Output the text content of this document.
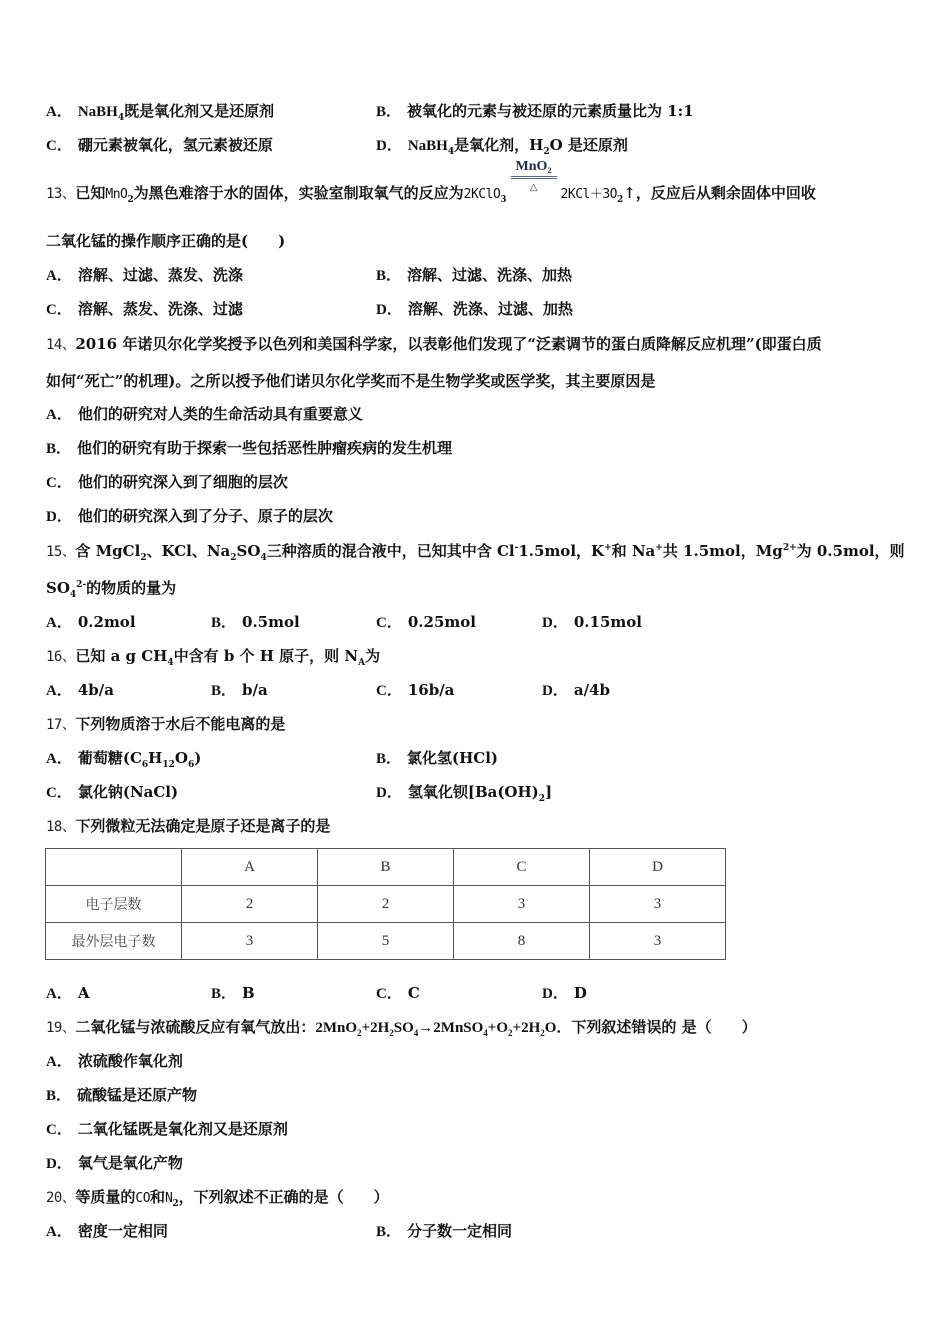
A． NaBH$_4$既是氧化剂又是还原剂	B． 被氧化的元素与被还原的元素质量比为 1:1
C． 硼元素被氧化，氢元素被还原	D． NaBH$_4$是氧化剂，$H_2O$ 是还原剂
13、已知MnO$_2$为黑色难溶于水的固体，实验室制取氧气的反应为2KClO$_3$
MnO₂
△	$2KCl+3O_2↑$，反应后从剩余固体中回收
二氧化锰的操作顺序正确的是(　　)
A． 溶解、过滤、蒸发、洗涤	B． 溶解、过滤、洗涤、加热
C． 溶解、蒸发、洗涤、过滤	D． 溶解、洗涤、过滤、加热
14、2016 年诺贝尔化学奖授予以色列和美国科学家，以表彰他们发现了“泛素调节的蛋白质降解反应机理”(即蛋白质
如何“死亡”的机理)。之所以授予他们诺贝尔化学奖而不是生物学奖或医学奖，其主要原因是
A． 他们的研究对人类的生命活动具有重要意义
B． 他们的研究有助于探索一些包括恶性肿瘤疾病的发生机理
C． 他们的研究深入到了细胞的层次
D． 他们的研究深入到了分子、原子的层次
15、含 MgCl$_2$、KCl、$Na_2SO_4$三种溶质的混合液中，已知其中含 Cl-1.5mol，K+和 Na+共 1.5mol，$Mg^{2+}$为 0.5mol，则
$SO_4^{2-}$的物质的量为
A． 0.2mol	B． 0.5mol	C． 0.25mol	D． 0.15mol
16、已知 a g $CH_4$中含有 b 个 H 原子，则 $N_A$为
A． 4b/a	B． b/a	C． 16b/a	D． a/4b
17、下列物质溶于水后不能电离的是
A． 葡萄糖$(C_6H_{12}O_6)$	B． 氯化氢(HCl)
C． 氯化钠(NaCl)	D． 氢氧化钡$[Ba(OH)_2]$
18、下列微粒无法确定是原子还是离子的是
	A	B	C	D
电子层数	2	2	3	3
最外层电子数	3	5	8	3
A． A	B． B	C． C	D． D
19、二氧化锰与浓硫酸反应有氧气放出：$2MnO_2+2H_2SO_4\to 2MnSO_4+O_2+2H_2O$．下列叙述错误的 是（　　）
A． 浓硫酸作氧化剂
B． 硫酸锰是还原产物
C． 二氧化锰既是氧化剂又是还原剂
D． 氧气是氧化产物
20、等质量的CO和$N_2$，下列叙述不正确的是（　　）
A． 密度一定相同	B． 分子数一定相同
